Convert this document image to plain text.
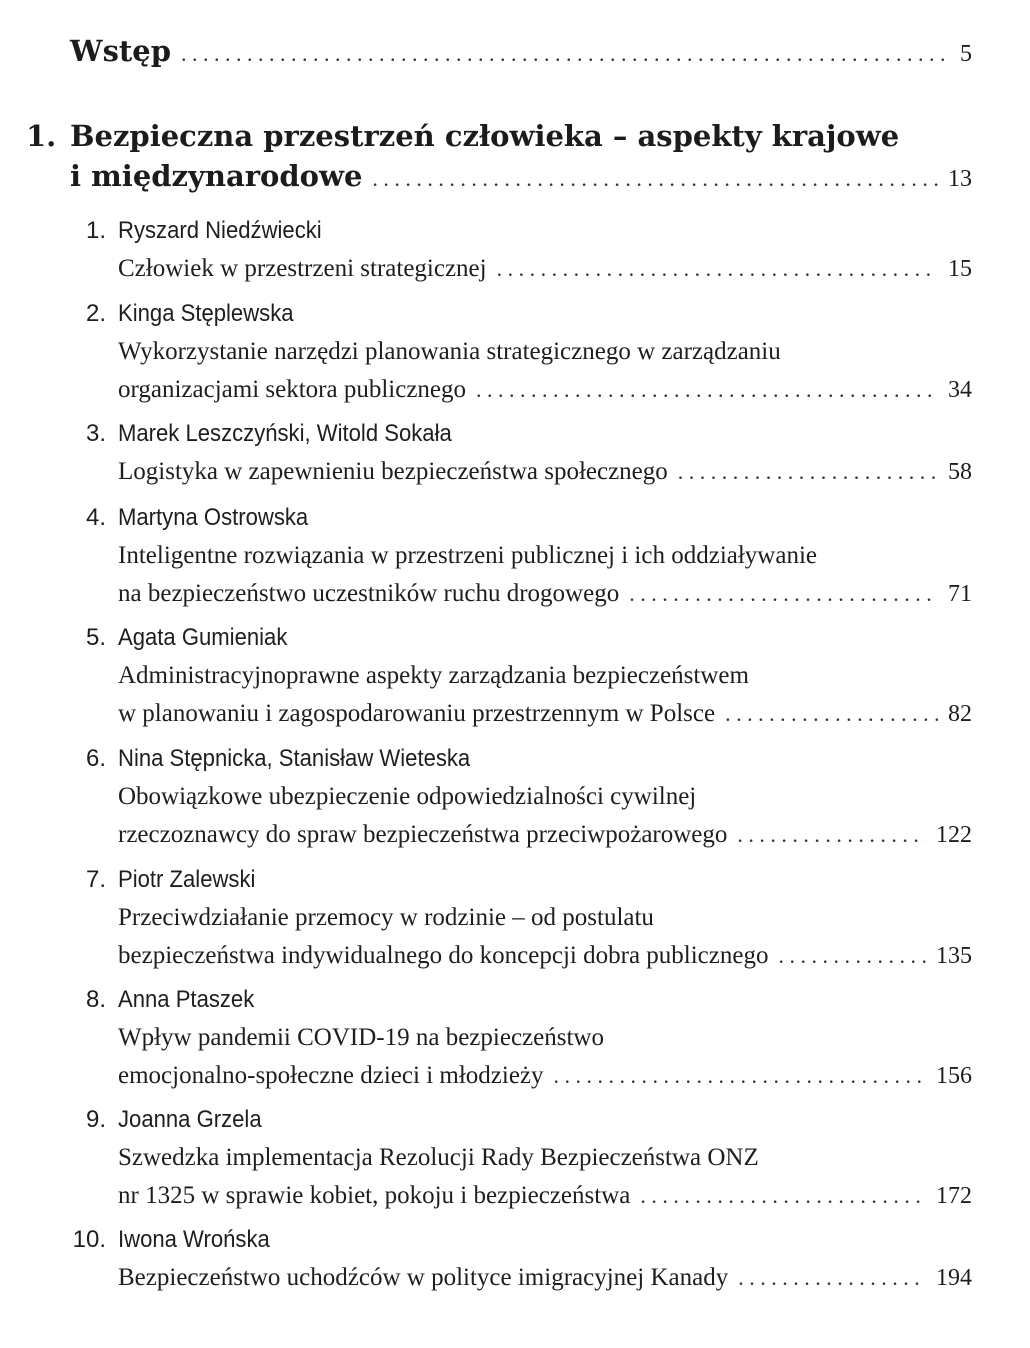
Wstęp . . .	5
1. Bezpieczna przestrzeń człowieka – aspekty krajowe
i międzynarodowe . . .	13
1. Ryszard Niedźwiecki
Człowiek w przestrzeni strategicznej . . .	15
2. Kinga Stęplewska
Wykorzystanie narzędzi planowania strategicznego w zarządzaniu
organizacjami sektora publicznego . . .	34
3. Marek Leszczyński, Witold Sokała
Logistyka w zapewnieniu bezpieczeństwa społecznego . . .	58
4. Martyna Ostrowska
Inteligentne rozwiązania w przestrzeni publicznej i ich oddziaływanie
na bezpieczeństwo uczestników ruchu drogowego . . .	71
5. Agata Gumieniak
Administracyjnoprawne aspekty zarządzania bezpieczeństwem
w planowaniu i zagospodarowaniu przestrzennym w Polsce . . .	82
6. Nina Stępnicka, Stanisław Wieteska
Obowiązkowe ubezpieczenie odpowiedzialności cywilnej
rzeczoznawcy do spraw bezpieczeństwa przeciwpożarowego . . .	122
7. Piotr Zalewski
Przeciwdziałanie przemocy w rodzinie – od postulatu
bezpieczeństwa indywidualnego do koncepcji dobra publicznego . . .	135
8. Anna Ptaszek
Wpływ pandemii COVID-19 na bezpieczeństwo
emocjonalno-społeczne dzieci i młodzieży . . .	156
9. Joanna Grzela
Szwedzka implementacja Rezolucji Rady Bezpieczeństwa ONZ
nr 1325 w sprawie kobiet, pokoju i bezpieczeństwa . . .	172
10. Iwona Wrońska
Bezpieczeństwo uchodźców w polityce imigracyjnej Kanady . . .	194
